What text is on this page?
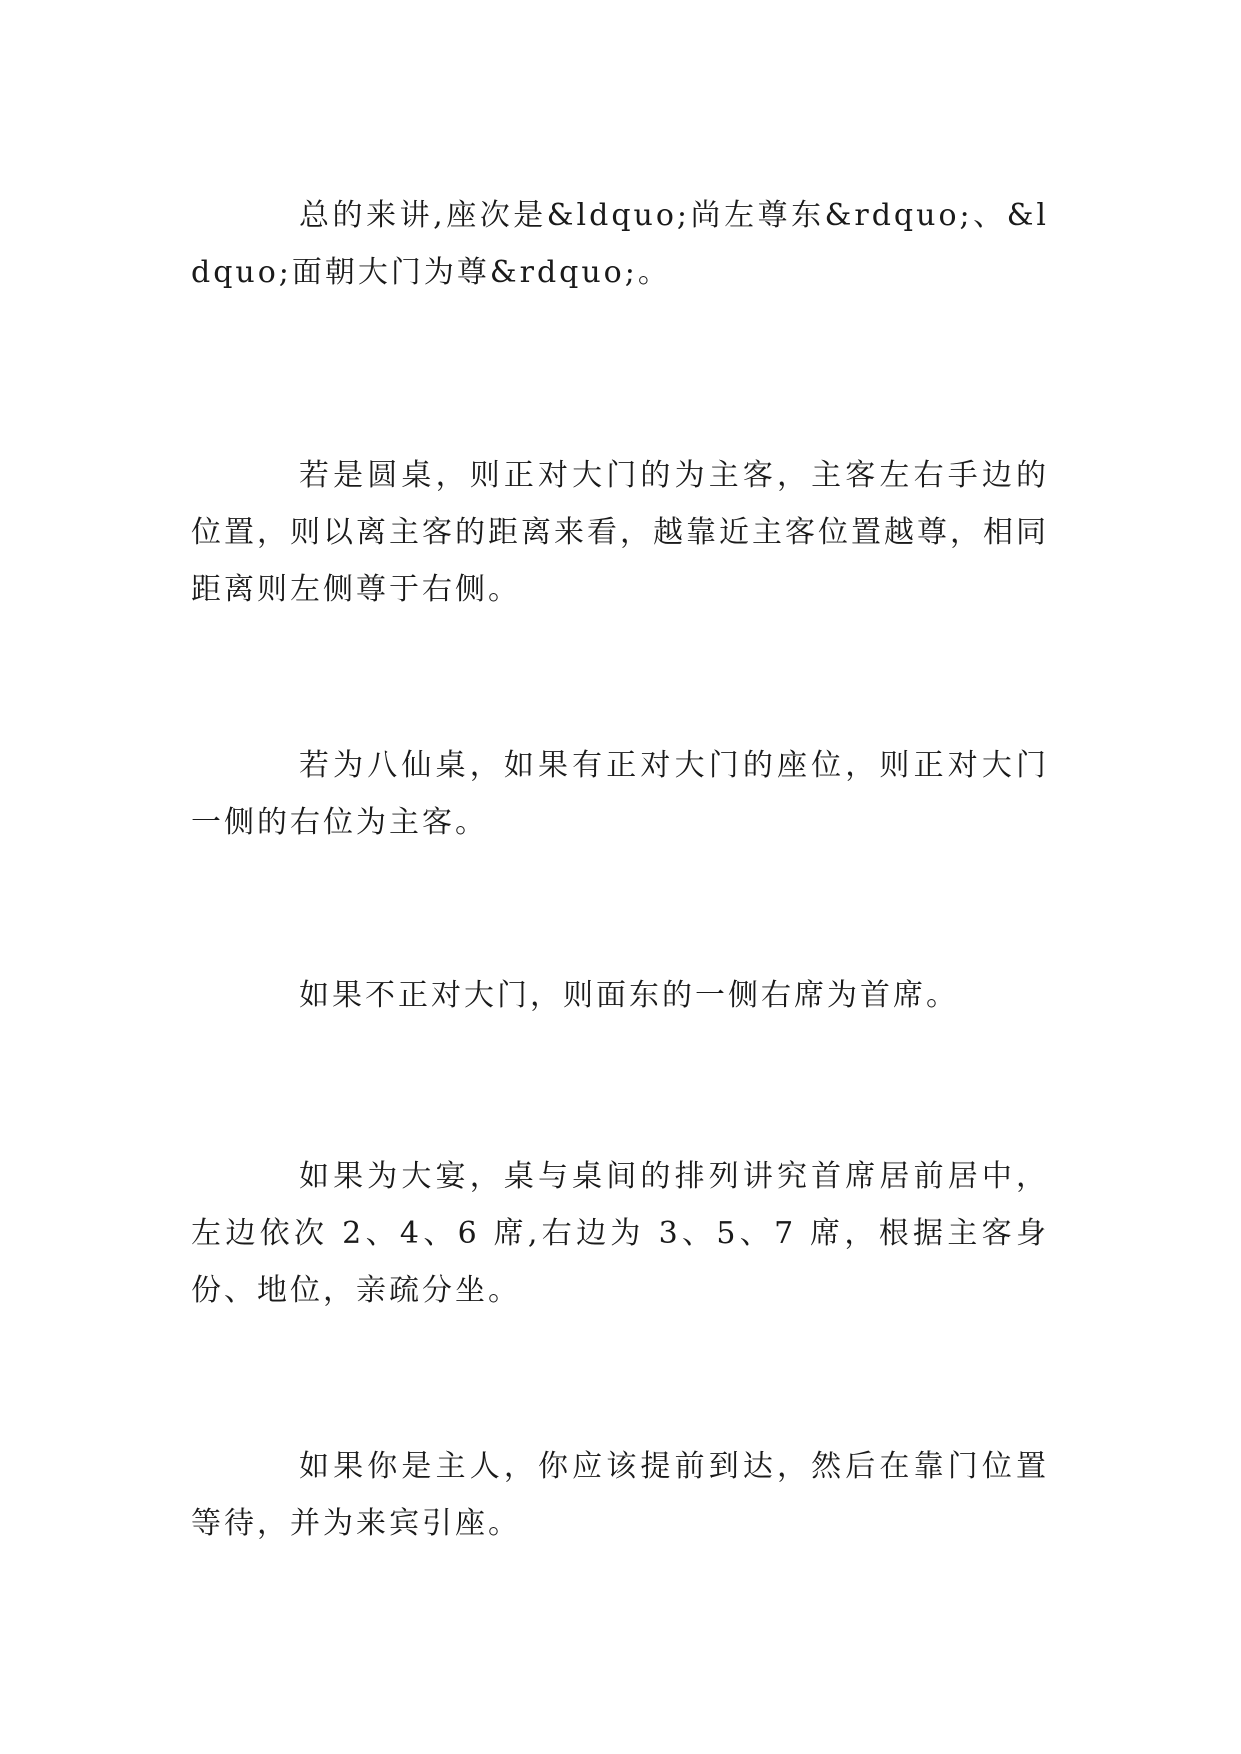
总的来讲,座次是&ldquo;尚左尊东&rdquo;、&ldquo;面朝大门为尊&rdquo;。

若是圆桌，则正对大门的为主客，主客左右手边的位置，则以离主客的距离来看，越靠近主客位置越尊，相同距离则左侧尊于右侧。

若为八仙桌，如果有正对大门的座位，则正对大门一侧的右位为主客。

如果不正对大门，则面东的一侧右席为首席。

如果为大宴，桌与桌间的排列讲究首席居前居中，左边依次 2、4、6 席,右边为 3、5、7 席，根据主客身份、地位，亲疏分坐。

如果你是主人，你应该提前到达，然后在靠门位置等待，并为来宾引座。
